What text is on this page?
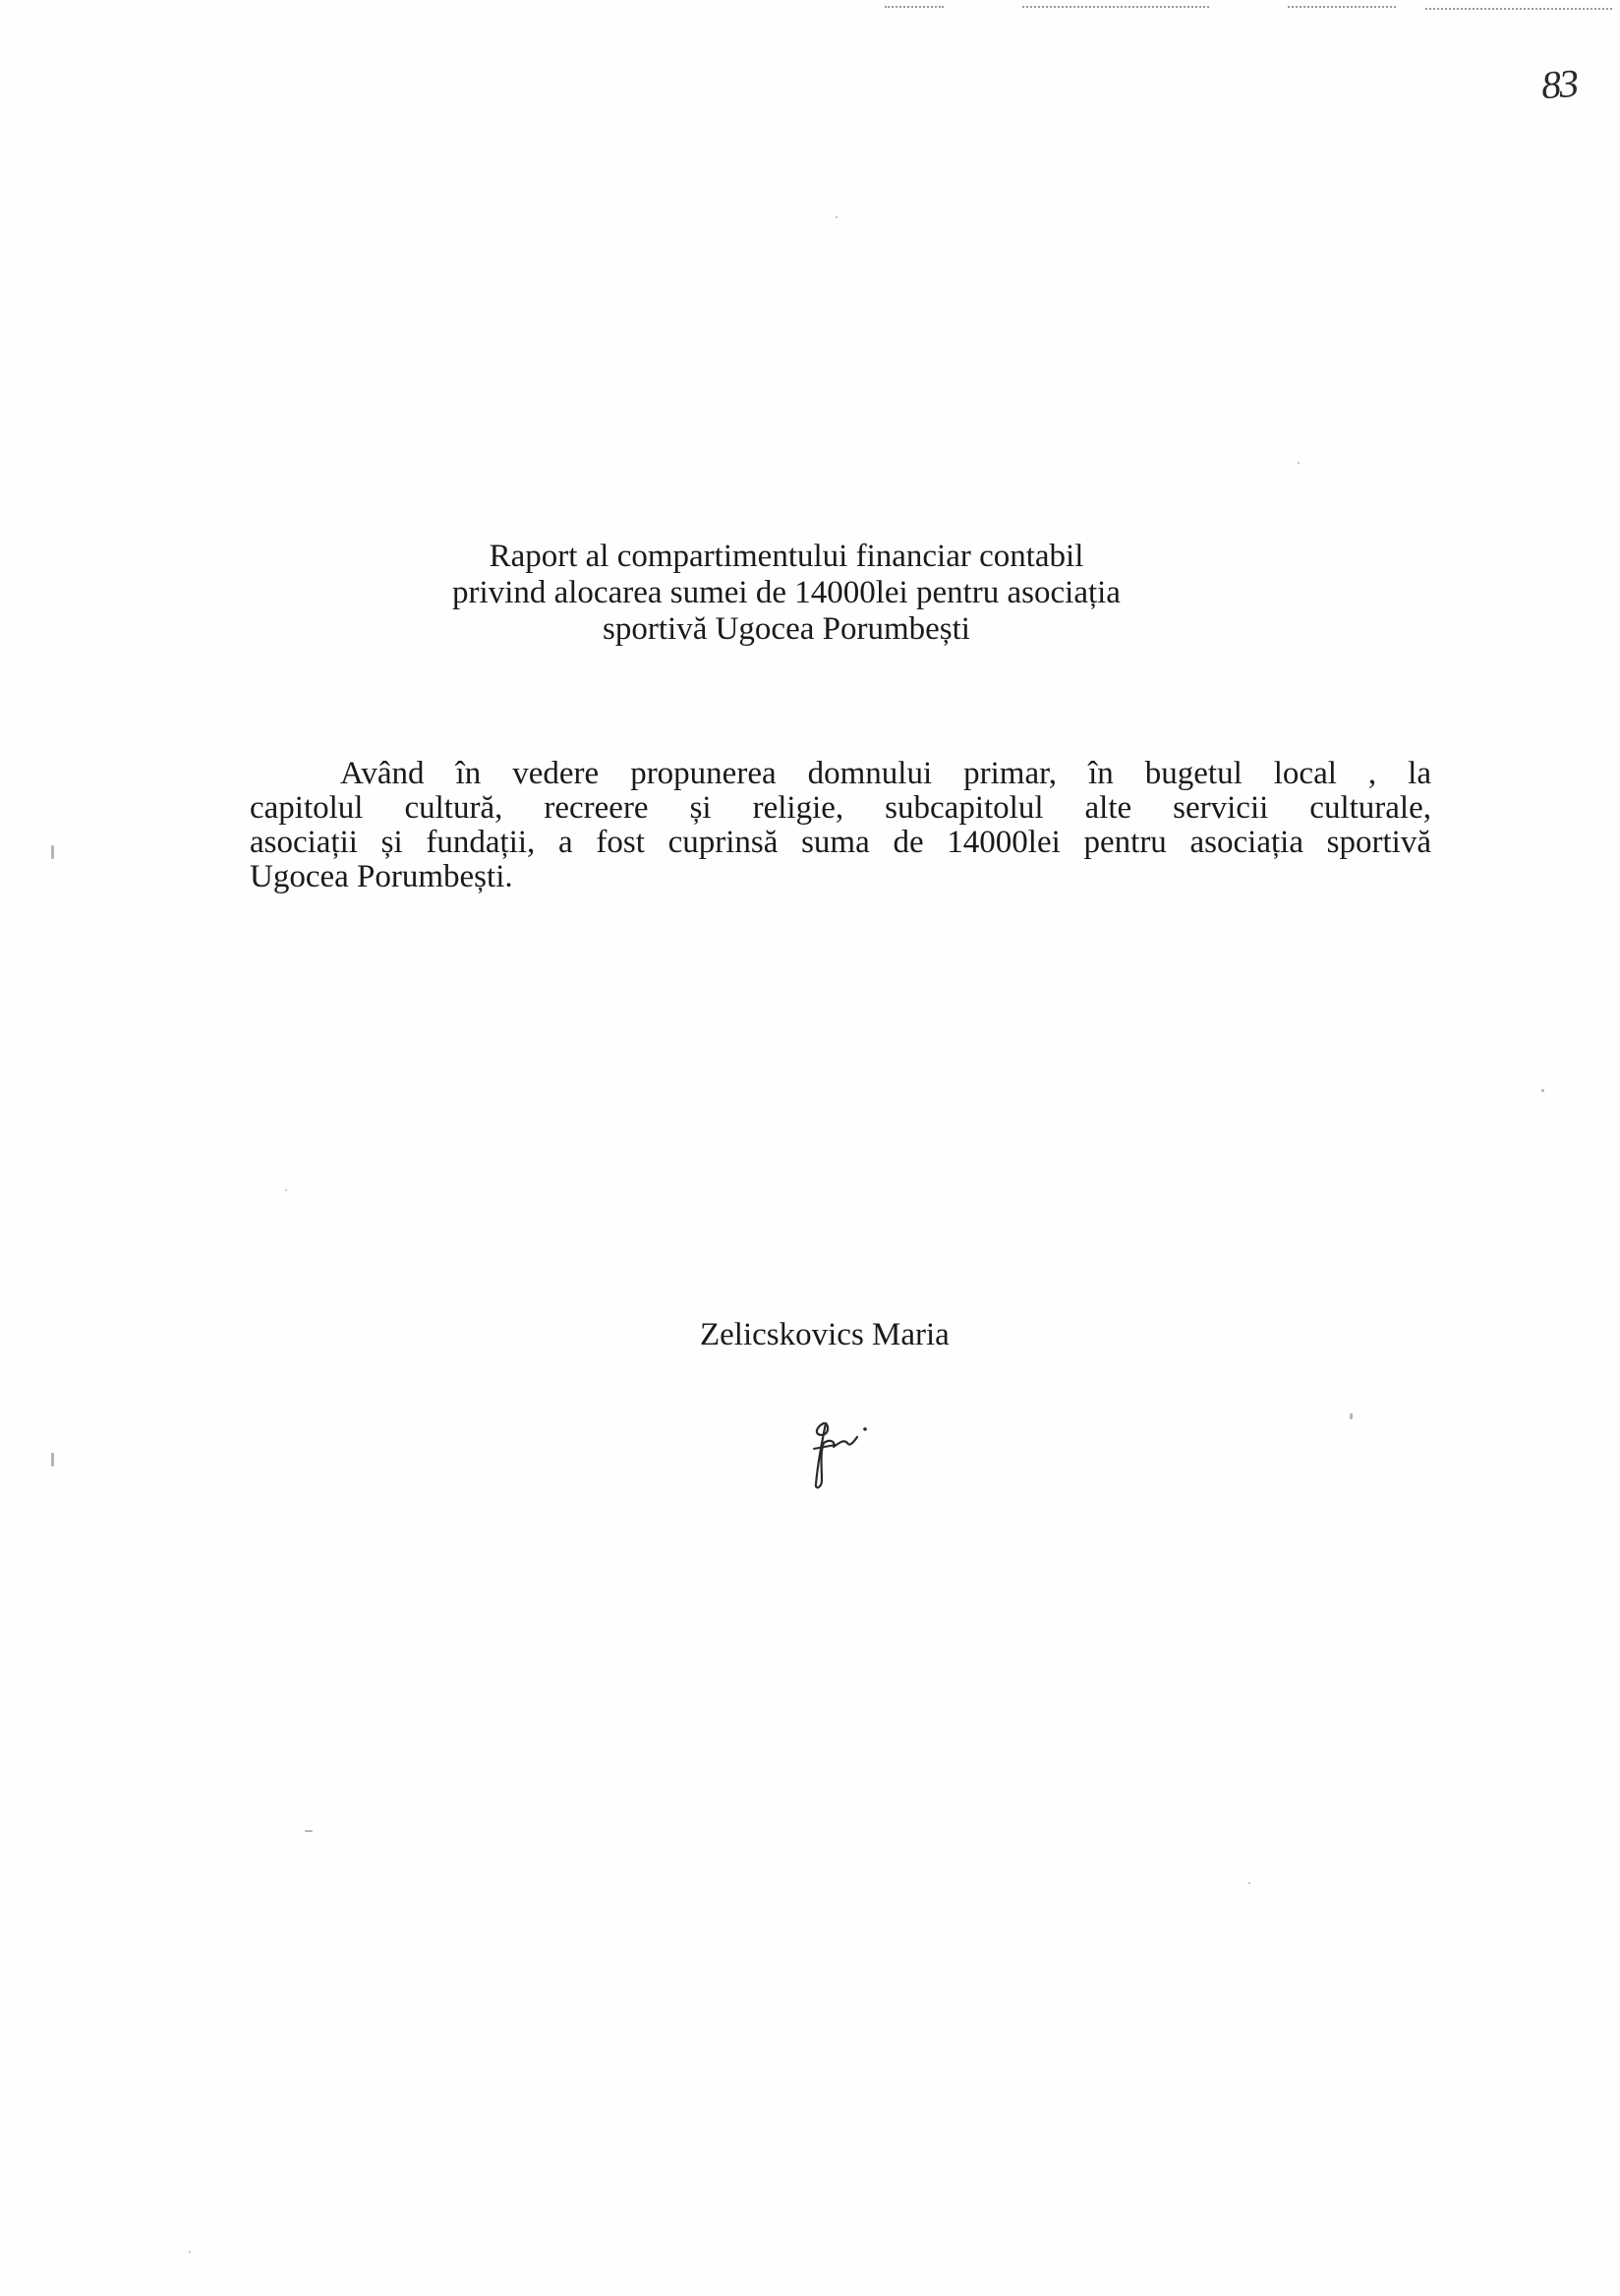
83
Raport al compartimentului financiar contabil
privind alocarea sumei de 14000lei pentru asociația
sportivă Ugocea Porumbești
Având în vedere propunerea domnului primar, în bugetul local , la
capitolul cultură, recreere și religie, subcapitolul alte servicii culturale,
asociații și fundații, a fost cuprinsă suma de 14000lei pentru asociația sportivă
Ugocea Porumbești.
Zelicskovics Maria
